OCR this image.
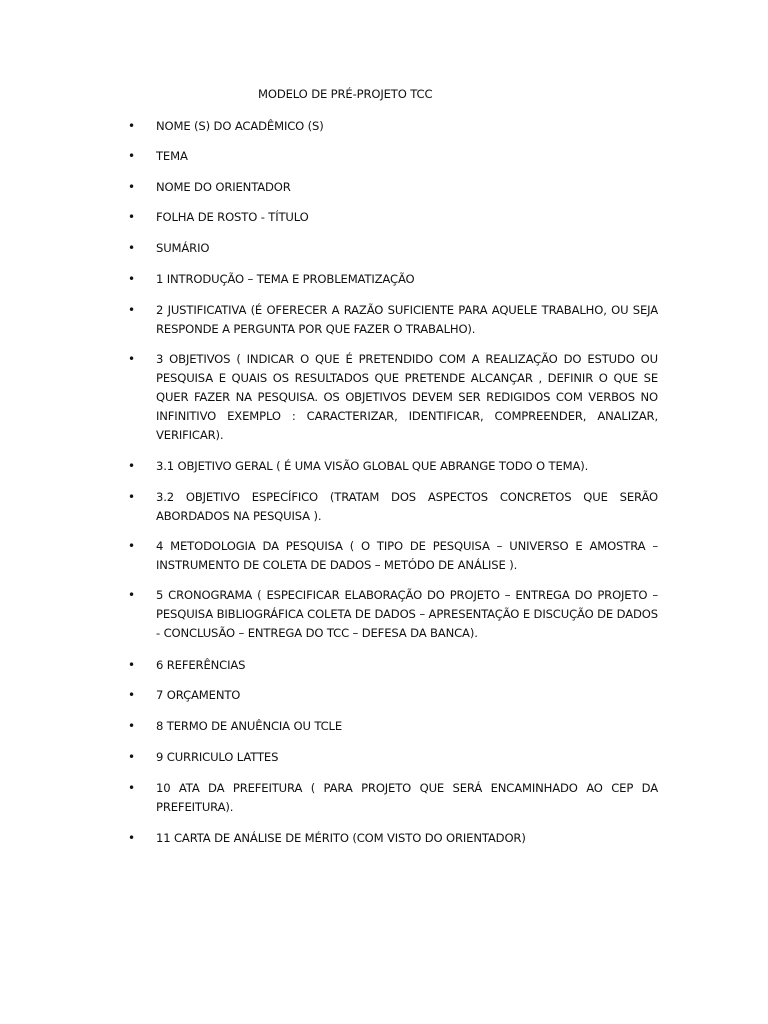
MODELO DE PRÉ-PROJETO TCC
• NOME (S) DO ACADÊMICO (S)
• TEMA
• NOME DO ORIENTADOR
• FOLHA DE ROSTO - TÍTULO
• SUMÁRIO
• 1 INTRODUÇÃO – TEMA E PROBLEMATIZAÇÃO
• 2 JUSTIFICATIVA (É OFERECER A RAZÃO SUFICIENTE PARA AQUELE TRABALHO, OU SEJA RESPONDE A PERGUNTA POR QUE FAZER O TRABALHO).
• 3 OBJETIVOS ( INDICAR O QUE É PRETENDIDO COM A REALIZAÇÃO DO ESTUDO OU PESQUISA E QUAIS OS RESULTADOS QUE PRETENDE ALCANÇAR , DEFINIR O QUE SE QUER FAZER NA PESQUISA. OS OBJETIVOS DEVEM SER REDIGIDOS COM VERBOS NO INFINITIVO EXEMPLO : CARACTERIZAR, IDENTIFICAR, COMPREENDER, ANALIZAR, VERIFICAR).
• 3.1 OBJETIVO GERAL ( É UMA VISÃO GLOBAL QUE ABRANGE TODO O TEMA).
• 3.2 OBJETIVO ESPECÍFICO (TRATAM DOS ASPECTOS CONCRETOS QUE SERÃO ABORDADOS NA PESQUISA ).
• 4 METODOLOGIA DA PESQUISA ( O TIPO DE PESQUISA – UNIVERSO E AMOSTRA – INSTRUMENTO DE COLETA DE DADOS – METÓDO DE ANÁLISE ).
• 5 CRONOGRAMA ( ESPECIFICAR ELABORAÇÃO DO PROJETO – ENTREGA DO PROJETO – PESQUISA BIBLIOGRÁFICA COLETA DE DADOS – APRESENTAÇÃO E DISCUÇÃO DE DADOS - CONCLUSÃO – ENTREGA DO TCC – DEFESA DA BANCA).
• 6 REFERÊNCIAS
• 7 ORÇAMENTO
• 8 TERMO DE ANUÊNCIA OU TCLE
• 9 CURRICULO LATTES
• 10 ATA DA PREFEITURA ( PARA PROJETO QUE SERÁ ENCAMINHADO AO CEP DA PREFEITURA).
• 11 CARTA DE ANÁLISE DE MÉRITO (COM VISTO DO ORIENTADOR)
